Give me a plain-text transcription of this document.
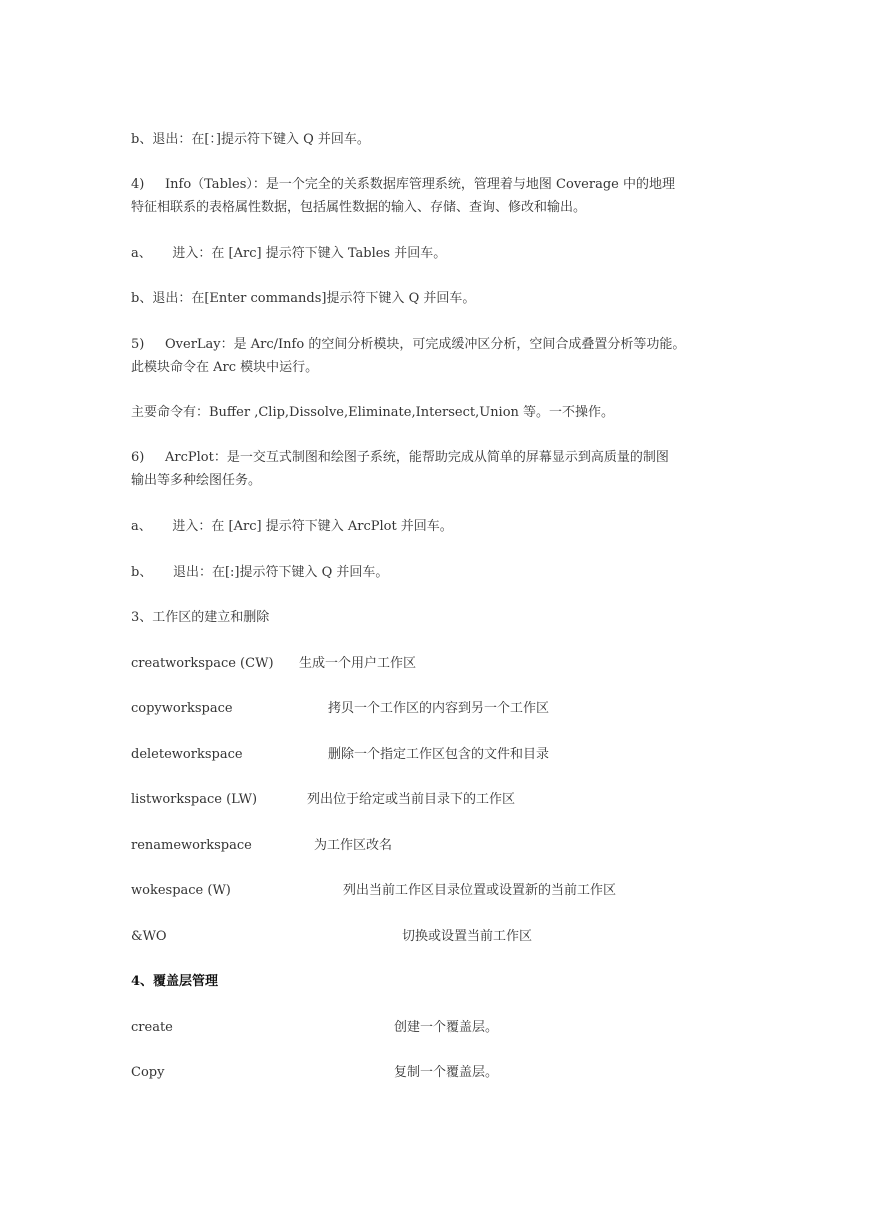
b、退出：在[：]提示符下键入 Q 并回车。
4)     Info（Tables）：是一个完全的关系数据库管理系统，管理着与地图 Coverage 中的地理
特征相联系的表格属性数据，包括属性数据的输入、存储、查询、修改和输出。
a、     进入：在 [Arc] 提示符下键入 Tables 并回车。
b、退出：在[Enter commands]提示符下键入 Q 并回车。
5)     OverLay：是 Arc/Info 的空间分析模块，可完成缓冲区分析，空间合成叠置分析等功能。
此模块命令在 Arc 模块中运行。
主要命令有：Buffer ,Clip,Dissolve,Eliminate,Intersect,Union 等。一不操作。
6)     ArcPlot：是一交互式制图和绘图子系统，能帮助完成从简单的屏幕显示到高质量的制图
输出等多种绘图任务。
a、     进入：在 [Arc] 提示符下键入 ArcPlot 并回车。
b、     退出：在[:]提示符下键入 Q 并回车。
3、工作区的建立和删除
creatworkspace (CW) 生成一个用户工作区
copyworkspace	拷贝一个工作区的内容到另一个工作区
deleteworkspace	删除一个指定工作区包含的文件和目录
listworkspace (LW)	列出位于给定或当前目录下的工作区
renameworkspace	为工作区改名
wokespace (W)	列出当前工作区目录位置或设置新的当前工作区
&WO	切换或设置当前工作区
4、覆盖层管理
create	创建一个覆盖层。
Copy	复制一个覆盖层。
